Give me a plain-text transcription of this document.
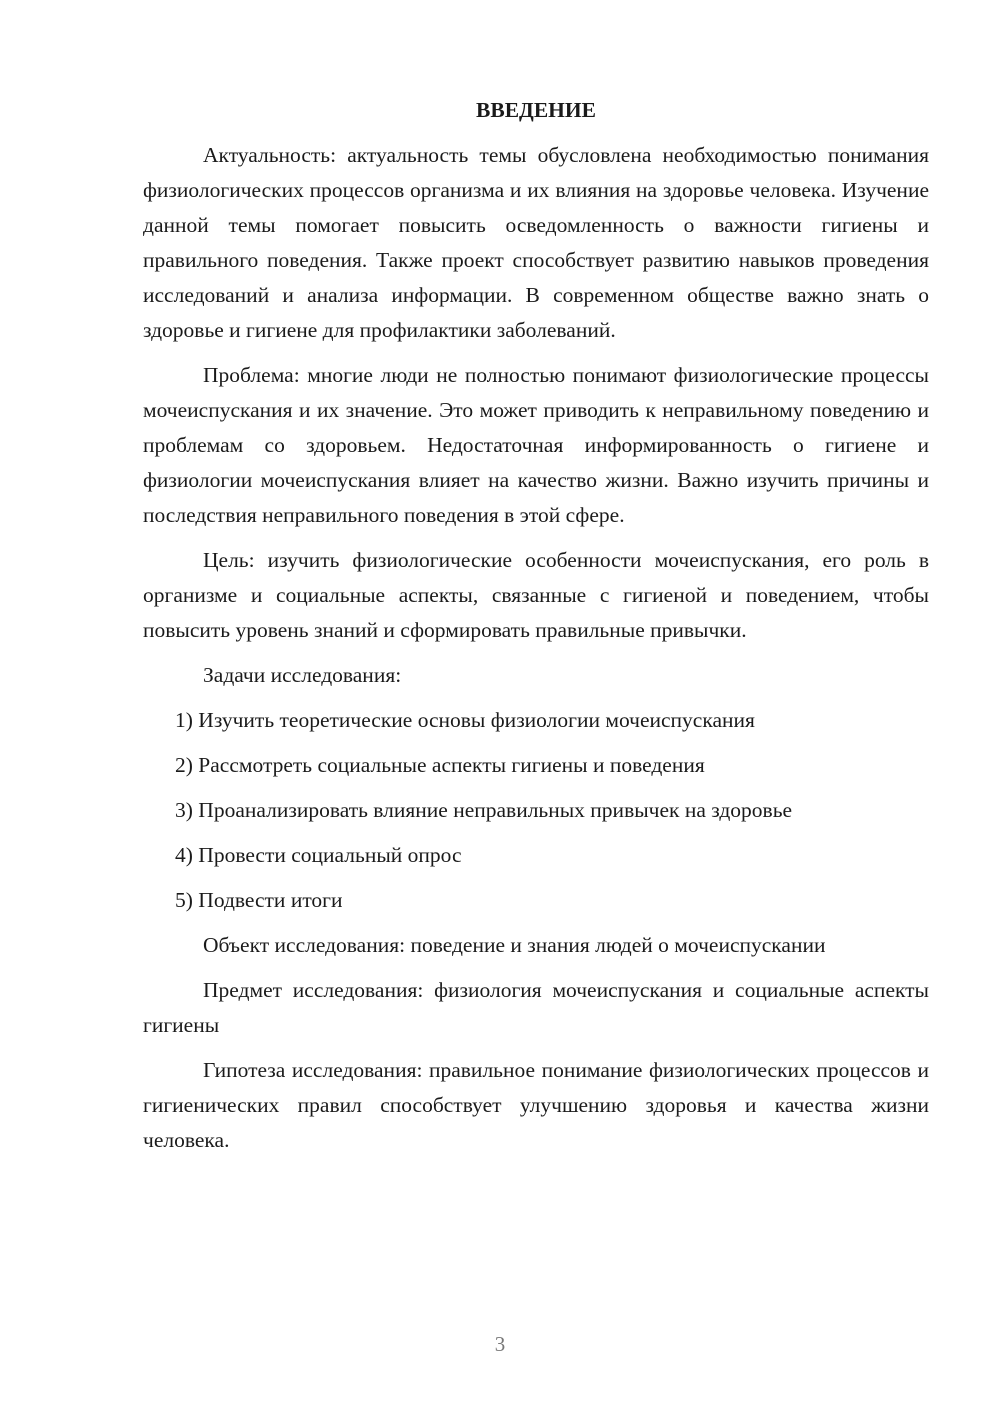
ВВЕДЕНИЕ

Актуальность: актуальность темы обусловлена необходимостью понимания физиологических процессов организма и их влияния на здоровье человека. Изучение данной темы помогает повысить осведомленность о важности гигиены и правильного поведения. Также проект способствует развитию навыков проведения исследований и анализа информации. В современном обществе важно знать о здоровье и гигиене для профилактики заболеваний.

Проблема: многие люди не полностью понимают физиологические процессы мочеиспускания и их значение. Это может приводить к неправильному поведению и проблемам со здоровьем. Недостаточная информированность о гигиене и физиологии мочеиспускания влияет на качество жизни. Важно изучить причины и последствия неправильного поведения в этой сфере.

Цель: изучить физиологические особенности мочеиспускания, его роль в организме и социальные аспекты, связанные с гигиеной и поведением, чтобы повысить уровень знаний и сформировать правильные привычки.

Задачи исследования:
1) Изучить теоретические основы физиологии мочеиспускания
2) Рассмотреть социальные аспекты гигиены и поведения
3) Проанализировать влияние неправильных привычек на здоровье
4) Провести социальный опрос
5) Подвести итоги
Объект исследования: поведение и знания людей о мочеиспускании

Предмет исследования: физиология мочеиспускания и социальные аспекты гигиены

Гипотеза исследования: правильное понимание физиологических процессов и гигиенических правил способствует улучшению здоровья и качества жизни человека.

3
